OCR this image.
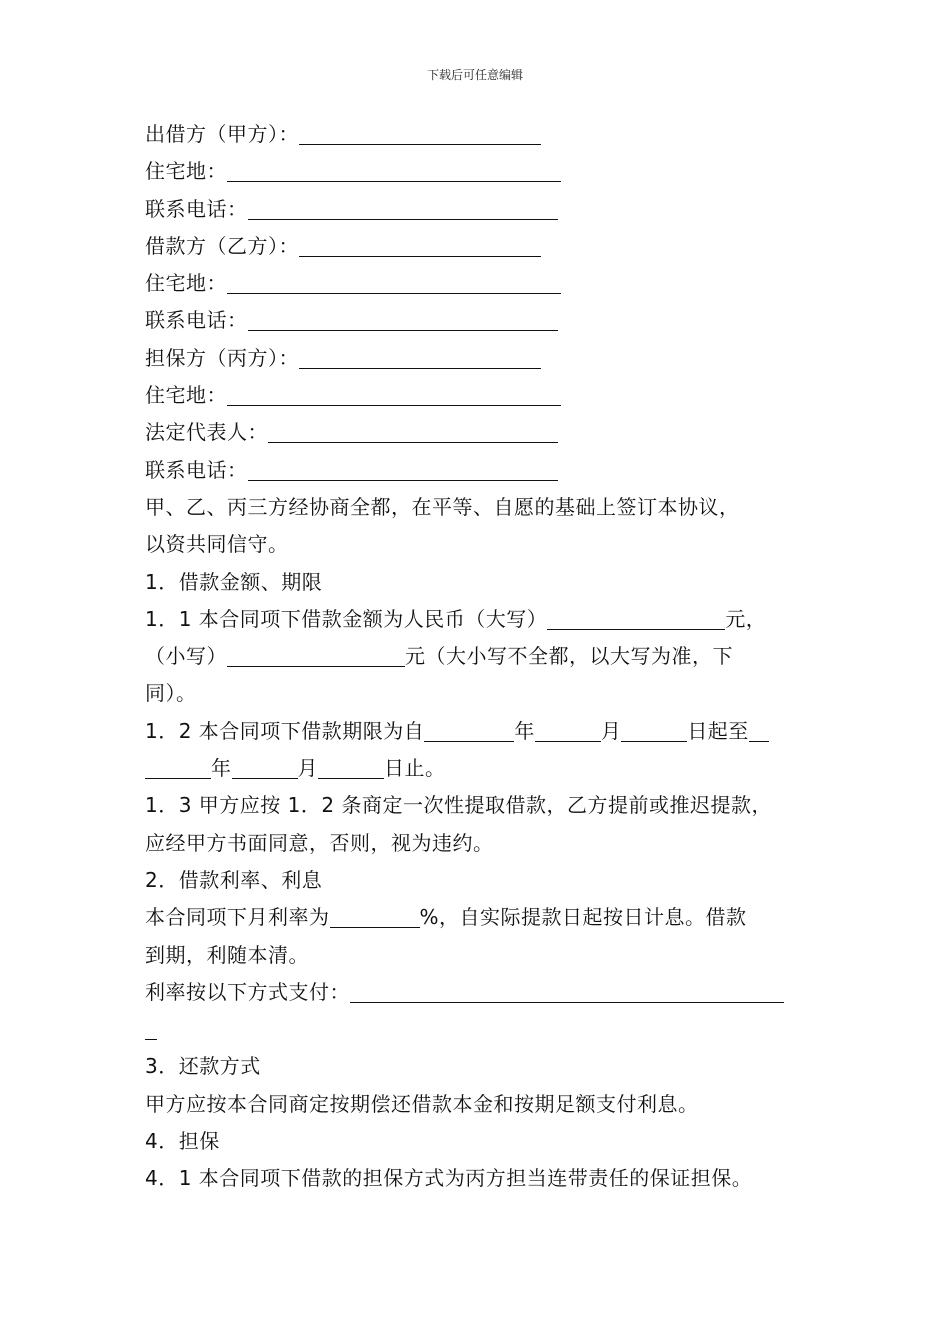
下载后可任意编辑
出借方（甲方）：
住宅地：
联系电话：
借款方（乙方）：
住宅地：
联系电话：
担保方（丙方）：
住宅地：
法定代表人：
联系电话：
甲、乙、丙三方经协商全都，在平等、自愿的基础上签订本协议，
以资共同信守。
1．借款金额、期限
1．1 本合同项下借款金额为人民币（大写）	元，
（小写）	元（大小写不全都，以大写为准，下
同）。
1．2 本合同项下借款期限为自	年	月	日起至
年	月	日止。
1．3 甲方应按 1．2 条商定一次性提取借款，乙方提前或推迟提款，
应经甲方书面同意，否则，视为违约。
2．借款利率、利息
本合同项下月利率为	%，自实际提款日起按日计息。借款
到期，利随本清。
利率按以下方式支付：
3．还款方式
甲方应按本合同商定按期偿还借款本金和按期足额支付利息。
4．担保
4．1 本合同项下借款的担保方式为丙方担当连带责任的保证担保。
